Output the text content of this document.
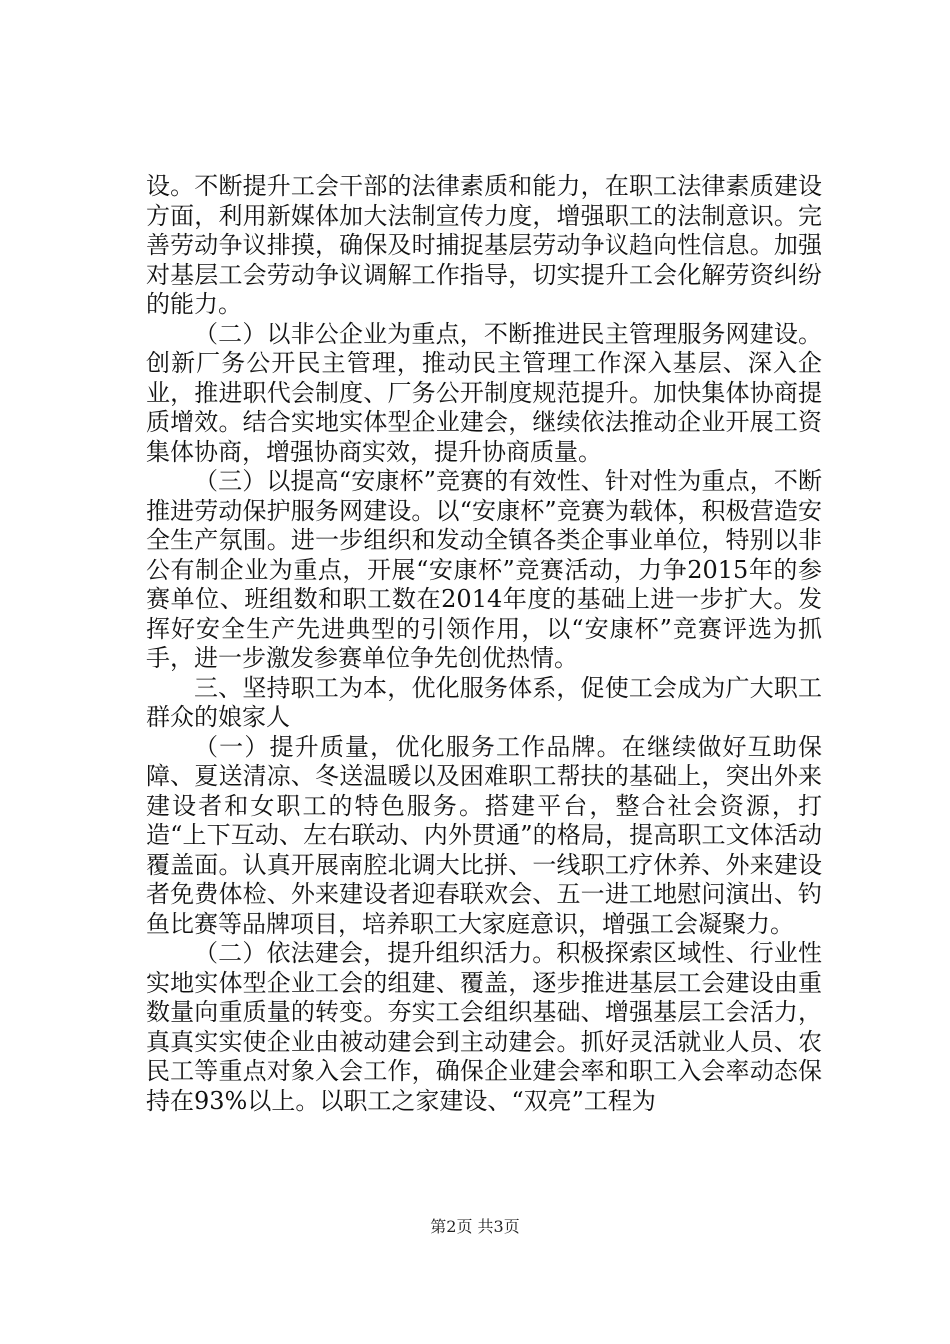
设。不断提升工会干部的法律素质和能力，在职工法律素质建设方面，利用新媒体加大法制宣传力度，增强职工的法制意识。完善劳动争议排摸，确保及时捕捉基层劳动争议趋向性信息。加强对基层工会劳动争议调解工作指导，切实提升工会化解劳资纠纷的能力。

（二）以非公企业为重点，不断推进民主管理服务网建设。创新厂务公开民主管理，推动民主管理工作深入基层、深入企业，推进职代会制度、厂务公开制度规范提升。加快集体协商提质增效。结合实地实体型企业建会，继续依法推动企业开展工资集体协商，增强协商实效，提升协商质量。

（三）以提高“安康杯”竞赛的有效性、针对性为重点，不断推进劳动保护服务网建设。以“安康杯”竞赛为载体，积极营造安全生产氛围。进一步组织和发动全镇各类企事业单位，特别以非公有制企业为重点，开展“安康杯”竞赛活动，力争2015年的参赛单位、班组数和职工数在2014年度的基础上进一步扩大。发挥好安全生产先进典型的引领作用，以“安康杯”竞赛评选为抓手，进一步激发参赛单位争先创优热情。

三、坚持职工为本，优化服务体系，促使工会成为广大职工群众的娘家人

（一）提升质量，优化服务工作品牌。在继续做好互助保障、夏送清凉、冬送温暖以及困难职工帮扶的基础上，突出外来建设者和女职工的特色服务。搭建平台，整合社会资源，打造“上下互动、左右联动、内外贯通”的格局，提高职工文体活动覆盖面。认真开展南腔北调大比拼、一线职工疗休养、外来建设者免费体检、外来建设者迎春联欢会、五一进工地慰问演出、钓鱼比赛等品牌项目，培养职工大家庭意识，增强工会凝聚力。

（二）依法建会，提升组织活力。积极探索区域性、行业性实地实体型企业工会的组建、覆盖，逐步推进基层工会建设由重数量向重质量的转变。夯实工会组织基础、增强基层工会活力，真真实实使企业由被动建会到主动建会。抓好灵活就业人员、农民工等重点对象入会工作，确保企业建会率和职工入会率动态保持在93%以上。以职工之家建设、“双亮”工程为

第2页 共3页
